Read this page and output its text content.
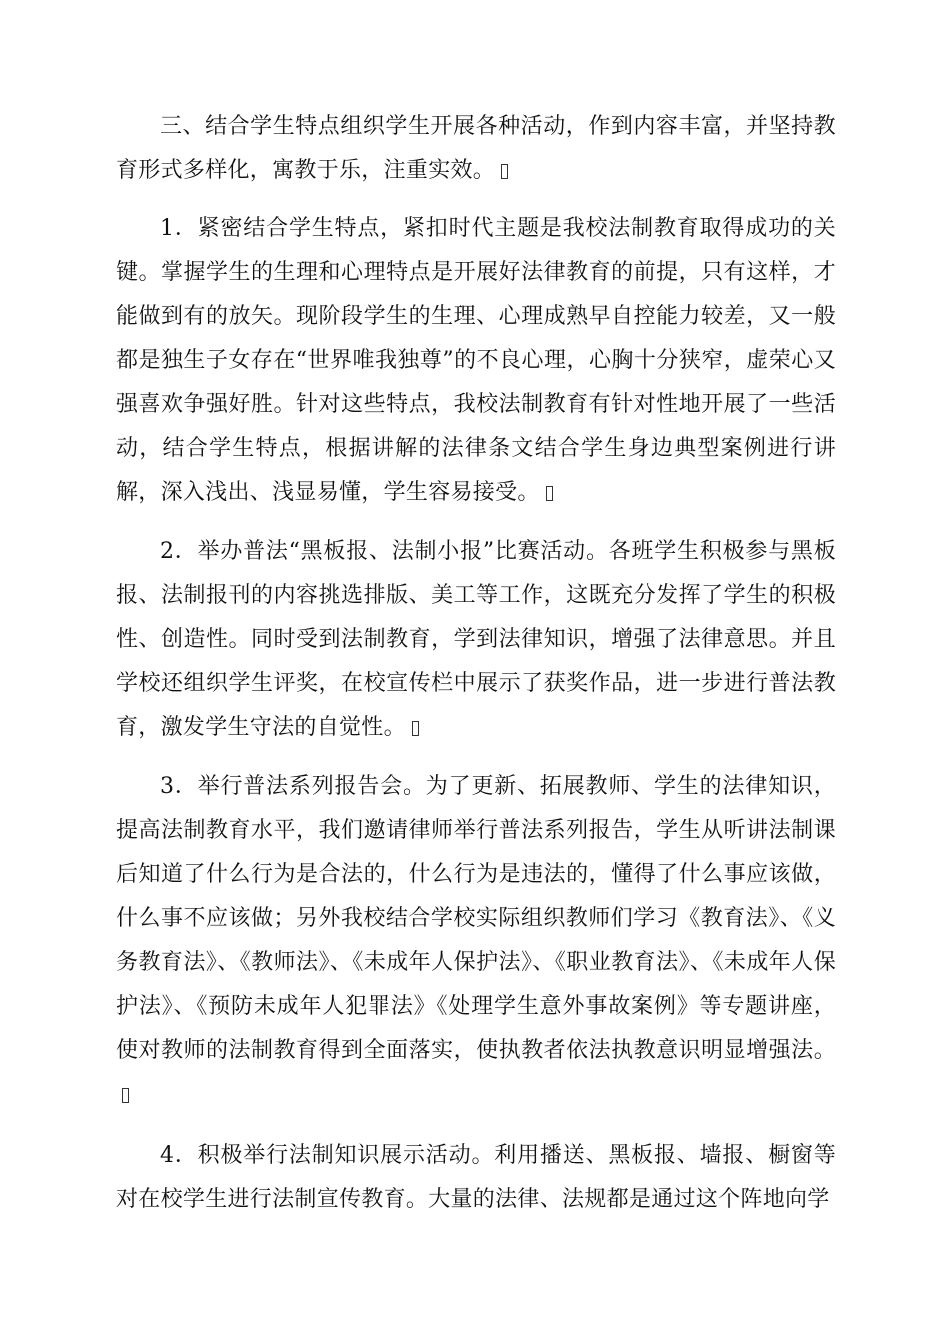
三、结合学生特点组织学生开展各种活动，作到内容丰富，并坚持教育形式多样化，寓教于乐，注重实效。

1．紧密结合学生特点，紧扣时代主题是我校法制教育取得成功的关键。掌握学生的生理和心理特点是开展好法律教育的前提，只有这样，才能做到有的放矢。现阶段学生的生理、心理成熟早自控能力较差，又一般都是独生子女存在“世界唯我独尊”的不良心理，心胸十分狭窄，虚荣心又强喜欢争强好胜。针对这些特点，我校法制教育有针对性地开展了一些活动，结合学生特点，根据讲解的法律条文结合学生身边典型案例进行讲解，深入浅出、浅显易懂，学生容易接受。

2．举办普法“黑板报、法制小报”比赛活动。各班学生积极参与黑板报、法制报刊的内容挑选排版、美工等工作，这既充分发挥了学生的积极性、创造性。同时受到法制教育，学到法律知识，增强了法律意思。并且学校还组织学生评奖，在校宣传栏中展示了获奖作品，进一步进行普法教育，激发学生守法的自觉性。

3．举行普法系列报告会。为了更新、拓展教师、学生的法律知识，提高法制教育水平，我们邀请律师举行普法系列报告，学生从听讲法制课后知道了什么行为是合法的，什么行为是违法的，懂得了什么事应该做，什么事不应该做；另外我校结合学校实际组织教师们学习《教育法》、《义务教育法》、《教师法》、《未成年人保护法》、《职业教育法》、《未成年人保护法》、《预防未成年人犯罪法》《处理学生意外事故案例》等专题讲座，使对教师的法制教育得到全面落实，使执教者依法执教意识明显增强法。

4．积极举行法制知识展示活动。利用播送、黑板报、墙报、橱窗等对在校学生进行法制宣传教育。大量的法律、法规都是通过这个阵地向学
